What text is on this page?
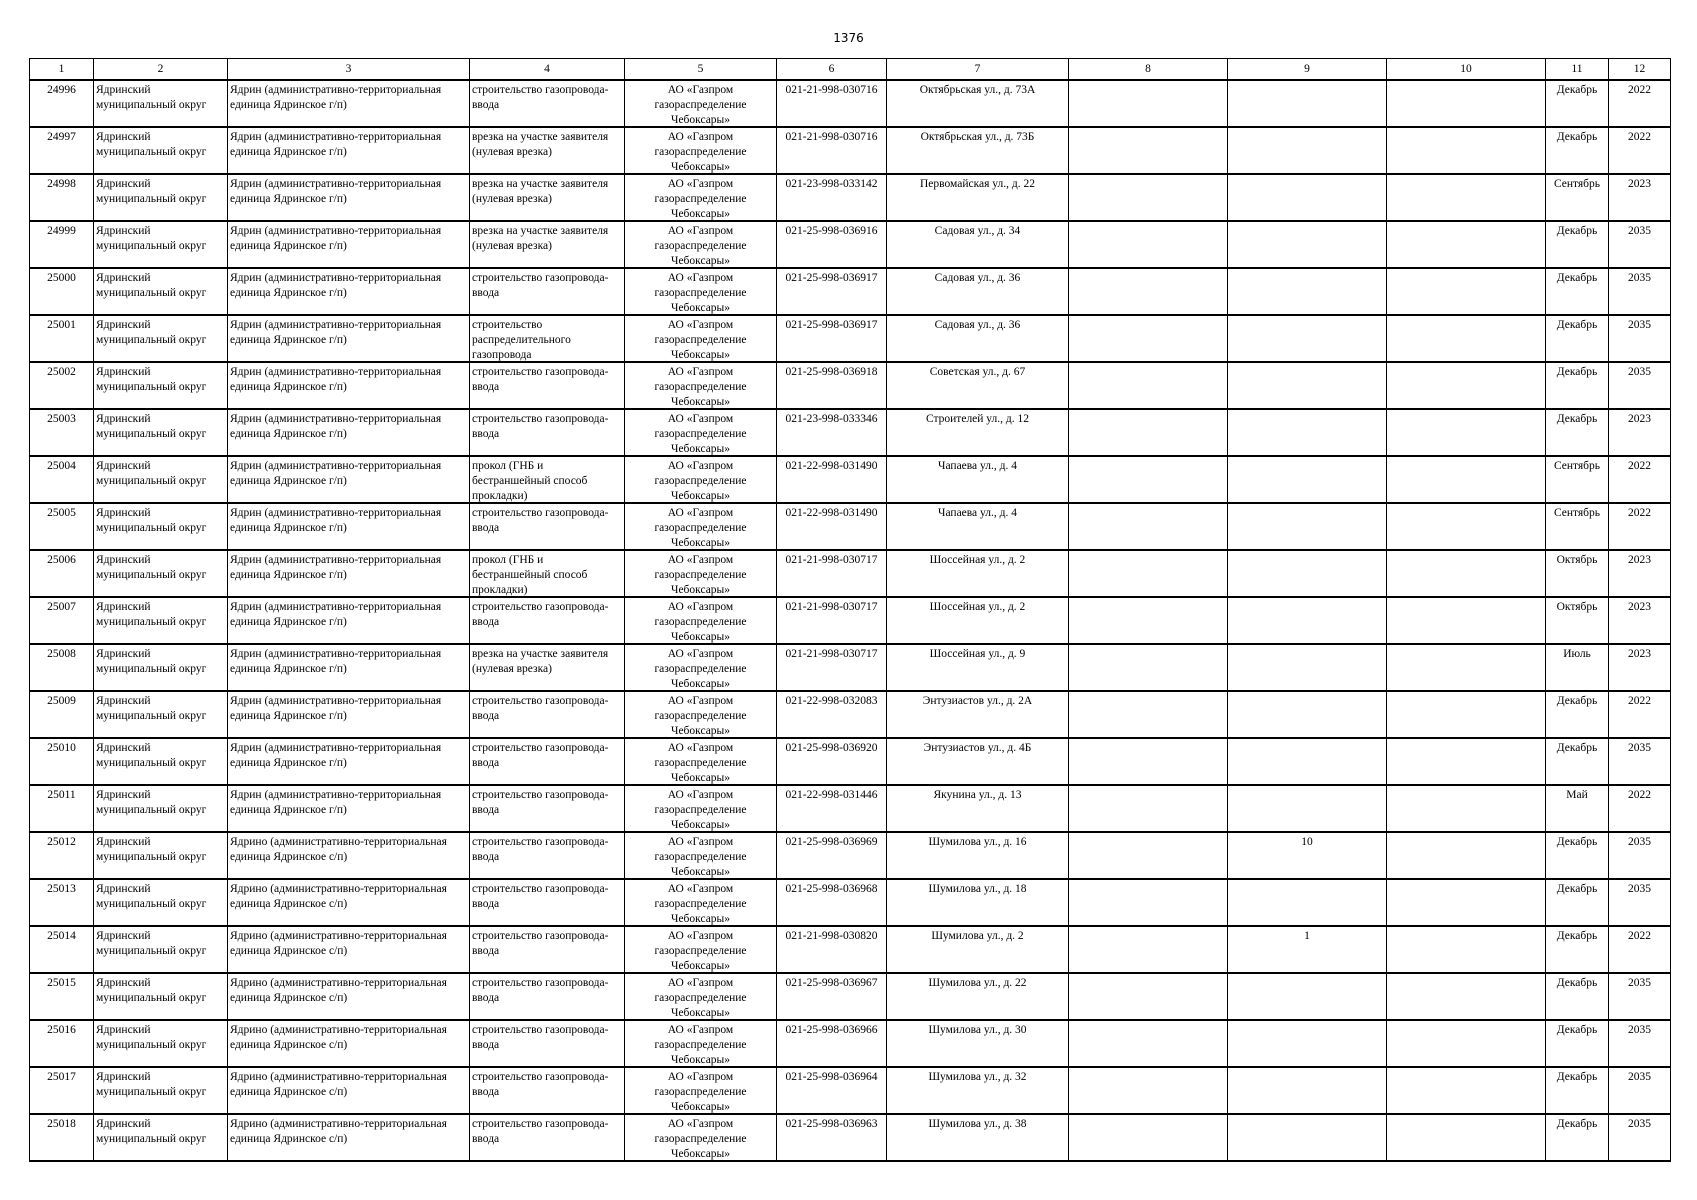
1376
1	2	3	4	5	6	7	8	9	10	11	12

24996	Ядринский муниципальный округ	Ядрин (административно-территориальная единица Ядринское г/п)	строительство газопровода-ввода	АО «Газпром газораспределение Чебоксары»	021-21-998-030716	Октябрьская ул., д. 73А				Декабрь	2022

24997	Ядринский муниципальный округ	Ядрин (административно-территориальная единица Ядринское г/п)	врезка на участке заявителя (нулевая врезка)	АО «Газпром газораспределение Чебоксары»	021-21-998-030716	Октябрьская ул., д. 73Б				Декабрь	2022

24998	Ядринский муниципальный округ	Ядрин (административно-территориальная единица Ядринское г/п)	врезка на участке заявителя (нулевая врезка)	АО «Газпром газораспределение Чебоксары»	021-23-998-033142	Первомайская ул., д. 22				Сентябрь	2023

24999	Ядринский муниципальный округ	Ядрин (административно-территориальная единица Ядринское г/п)	врезка на участке заявителя (нулевая врезка)	АО «Газпром газораспределение Чебоксары»	021-25-998-036916	Садовая ул., д. 34				Декабрь	2035

25000	Ядринский муниципальный округ	Ядрин (административно-территориальная единица Ядринское г/п)	строительство газопровода-ввода	АО «Газпром газораспределение Чебоксары»	021-25-998-036917	Садовая ул., д. 36				Декабрь	2035

25001	Ядринский муниципальный округ	Ядрин (административно-территориальная единица Ядринское г/п)	строительство распределительного газопровода	АО «Газпром газораспределение Чебоксары»	021-25-998-036917	Садовая ул., д. 36				Декабрь	2035

25002	Ядринский муниципальный округ	Ядрин (административно-территориальная единица Ядринское г/п)	строительство газопровода-ввода	АО «Газпром газораспределение Чебоксары»	021-25-998-036918	Советская ул., д. 67				Декабрь	2035

25003	Ядринский муниципальный округ	Ядрин (административно-территориальная единица Ядринское г/п)	строительство газопровода-ввода	АО «Газпром газораспределение Чебоксары»	021-23-998-033346	Строителей ул., д. 12				Декабрь	2023

25004	Ядринский муниципальный округ	Ядрин (административно-территориальная единица Ядринское г/п)	прокол (ГНБ и бестраншейный способ прокладки)	АО «Газпром газораспределение Чебоксары»	021-22-998-031490	Чапаева ул., д. 4				Сентябрь	2022

25005	Ядринский муниципальный округ	Ядрин (административно-территориальная единица Ядринское г/п)	строительство газопровода-ввода	АО «Газпром газораспределение Чебоксары»	021-22-998-031490	Чапаева ул., д. 4				Сентябрь	2022

25006	Ядринский муниципальный округ	Ядрин (административно-территориальная единица Ядринское г/п)	прокол (ГНБ и бестраншейный способ прокладки)	АО «Газпром газораспределение Чебоксары»	021-21-998-030717	Шоссейная ул., д. 2				Октябрь	2023

25007	Ядринский муниципальный округ	Ядрин (административно-территориальная единица Ядринское г/п)	строительство газопровода-ввода	АО «Газпром газораспределение Чебоксары»	021-21-998-030717	Шоссейная ул., д. 2				Октябрь	2023

25008	Ядринский муниципальный округ	Ядрин (административно-территориальная единица Ядринское г/п)	врезка на участке заявителя (нулевая врезка)	АО «Газпром газораспределение Чебоксары»	021-21-998-030717	Шоссейная ул., д. 9				Июль	2023

25009	Ядринский муниципальный округ	Ядрин (административно-территориальная единица Ядринское г/п)	строительство газопровода-ввода	АО «Газпром газораспределение Чебоксары»	021-22-998-032083	Энтузиастов ул., д. 2А				Декабрь	2022

25010	Ядринский муниципальный округ	Ядрин (административно-территориальная единица Ядринское г/п)	строительство газопровода-ввода	АО «Газпром газораспределение Чебоксары»	021-25-998-036920	Энтузиастов ул., д. 4Б				Декабрь	2035

25011	Ядринский муниципальный округ	Ядрин (административно-территориальная единица Ядринское г/п)	строительство газопровода-ввода	АО «Газпром газораспределение Чебоксары»	021-22-998-031446	Якунина ул., д. 13				Май	2022

25012	Ядринский муниципальный округ	Ядрино (административно-территориальная единица Ядринское с/п)	строительство газопровода-ввода	АО «Газпром газораспределение Чебоксары»	021-25-998-036969	Шумилова ул., д. 16		10		Декабрь	2035

25013	Ядринский муниципальный округ	Ядрино (административно-территориальная единица Ядринское с/п)	строительство газопровода-ввода	АО «Газпром газораспределение Чебоксары»	021-25-998-036968	Шумилова ул., д. 18				Декабрь	2035

25014	Ядринский муниципальный округ	Ядрино (административно-территориальная единица Ядринское с/п)	строительство газопровода-ввода	АО «Газпром газораспределение Чебоксары»	021-21-998-030820	Шумилова ул., д. 2		1		Декабрь	2022

25015	Ядринский муниципальный округ	Ядрино (административно-территориальная единица Ядринское с/п)	строительство газопровода-ввода	АО «Газпром газораспределение Чебоксары»	021-25-998-036967	Шумилова ул., д. 22				Декабрь	2035

25016	Ядринский муниципальный округ	Ядрино (административно-территориальная единица Ядринское с/п)	строительство газопровода-ввода	АО «Газпром газораспределение Чебоксары»	021-25-998-036966	Шумилова ул., д. 30				Декабрь	2035

25017	Ядринский муниципальный округ	Ядрино (административно-территориальная единица Ядринское с/п)	строительство газопровода-ввода	АО «Газпром газораспределение Чебоксары»	021-25-998-036964	Шумилова ул., д. 32				Декабрь	2035

25018	Ядринский муниципальный округ	Ядрино (административно-территориальная единица Ядринское с/п)	строительство газопровода-ввода	АО «Газпром газораспределение Чебоксары»	021-25-998-036963	Шумилова ул., д. 38				Декабрь	2035
